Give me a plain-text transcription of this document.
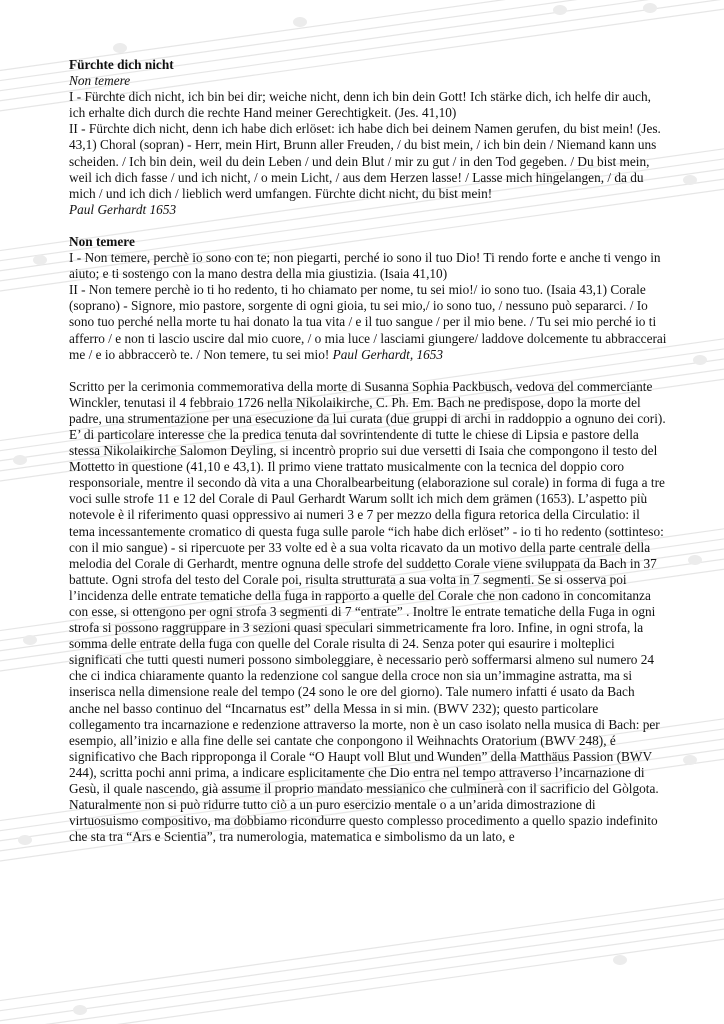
Fürchte dich nicht

Non temere

I - Fürchte dich nicht, ich bin bei dir; weiche nicht, denn ich bin dein Gott! Ich stärke dich, ich helfe dir auch, ich erhalte dich durch die rechte Hand meiner Gerechtigkeit. (Jes. 41,10)

II - Fürchte dich nicht, denn ich habe dich erlöset: ich habe dich bei deinem Namen gerufen, du bist mein! (Jes. 43,1) Choral (sopran) - Herr, mein Hirt, Brunn aller Freuden, / du bist mein, / ich bin dein / Niemand kann uns scheiden. / Ich bin dein, weil du dein Leben / und dein Blut / mir zu gut / in den Tod gegeben. / Du bist mein, weil ich dich fasse / und ich nicht, / o mein Licht, / aus dem Herzen lasse! / Lasse mich hingelangen, / da du mich / und ich dich / lieblich werd umfangen. Fürchte dicht nicht, du bist mein!

Paul Gerhardt 1653

Non temere

I - Non temere, perchè io sono con te; non piegarti, perché io sono il tuo Dio! Ti rendo forte e anche ti vengo in aiuto; e ti sostengo con la mano destra della mia giustizia. (Isaia 41,10)

II - Non temere perchè io ti ho redento, ti ho chiamato per nome, tu sei mio!/ io sono tuo. (Isaia 43,1) Corale (soprano) - Signore, mio pastore, sorgente di ogni gioia, tu sei mio,/ io sono tuo, / nessuno può separarci. / Io sono tuo perché nella morte tu hai donato la tua vita / e il tuo sangue / per il mio bene. / Tu sei mio perché io ti afferro / e non ti lascio uscire dal mio cuore, / o mia luce / lasciami giungere/ laddove dolcemente tu abbraccerai me / e io abbraccerò te. / Non temere, tu sei mio! Paul Gerhardt, 1653

Scritto per la cerimonia commemorativa della morte di Susanna Sophia Packbusch, vedova del commerciante Winckler, tenutasi il 4 febbraio 1726 nella Nikolaikirche, C. Ph. Em. Bach ne predispose, dopo la morte del padre, una strumentazione per una esecuzione da lui curata (due gruppi di archi in raddoppio a ognuno dei cori). E’ di particolare interesse che la predica tenuta dal sovrintendente di tutte le chiese di Lipsia e pastore della stessa Nikolaikirche Salomon Deyling, si incentrò proprio sui due versetti di Isaia che compongono il testo del Mottetto in questione (41,10 e 43,1). Il primo viene trattato musicalmente con la tecnica del doppio coro responsoriale, mentre il secondo dà vita a una Choralbearbeitung (elaborazione sul corale) in forma di fuga a tre voci sulle strofe 11 e 12 del Corale di Paul Gerhardt Warum sollt ich mich dem grämen (1653). L’aspetto più notevole è il riferimento quasi oppressivo ai numeri 3 e 7 per mezzo della figura retorica della Circulatio: il tema incessantemente cromatico di questa fuga sulle parole “ich habe dich erlöset” - io ti ho redento (sottinteso: con il mio sangue) - si ripercuote per 33 volte ed è a sua volta ricavato da un motivo della parte centrale della melodia del Corale di Gerhardt, mentre ognuna delle strofe del suddetto Corale viene sviluppata da Bach in 37 battute. Ogni strofa del testo del Corale poi, risulta strutturata a sua volta in 7 segmenti. Se si osserva poi l’incidenza delle entrate tematiche della fuga in rapporto a quelle del Corale che non cadono in concomitanza con esse, si ottengono per ogni strofa 3 segmenti di 7 “entrate” . Inoltre le entrate tematiche della Fuga in ogni strofa si possono raggruppare in 3 sezioni quasi speculari simmetricamente fra loro. Infine, in ogni strofa, la somma delle entrate della fuga con quelle del Corale risulta di 24. Senza poter qui esaurire i molteplici significati che tutti questi numeri possono simboleggiare, è necessario però soffermarsi almeno sul numero 24 che ci indica chiaramente quanto la redenzione col sangue della croce non sia un’immagine astratta, ma si inserisca nella dimensione reale del tempo (24 sono le ore del giorno). Tale numero infatti é usato da Bach anche nel basso continuo del “Incarnatus est” della Messa in si min. (BWV 232); questo particolare collegamento tra incarnazione e redenzione attraverso la morte, non è un caso isolato nella musica di Bach: per esempio, all’inizio e alla fine delle sei cantate che conpongono il Weihnachts Oratorium (BWV 248), é significativo che Bach ripproponga il Corale “O Haupt voll Blut und Wunden” della Matthäus Passion (BWV 244), scritta pochi anni prima, a indicare esplicitamente che Dio entra nel tempo attraverso l’incarnazione di Gesù, il quale nascendo, già assume il proprio mandato messianico che culminerà con il sacrificio del Gòlgota. Naturalmente non si può ridurre tutto ciò a un puro esercizio mentale o a un’arida dimostrazione di virtuosuismo compositivo, ma dobbiamo ricondurre questo complesso procedimento a quello spazio indefinito che sta tra “Ars e Scientia”, tra numerologia, matematica e simbolismo da un lato, e
